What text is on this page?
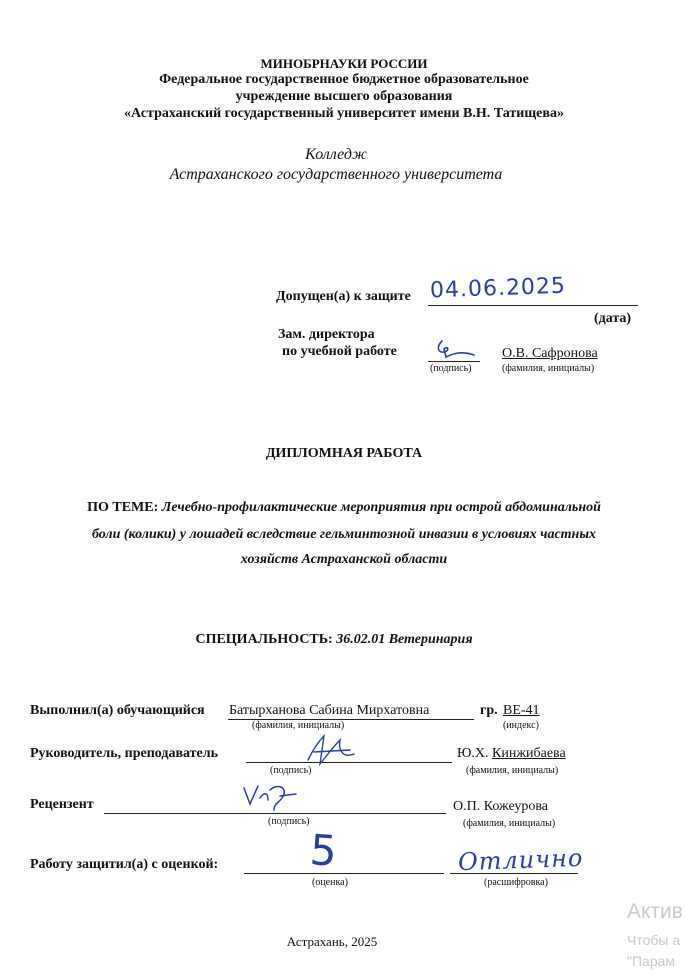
МИНОБРНАУКИ РОССИИ
Федеральное государственное бюджетное образовательное
учреждение высшего образования
«Астраханский государственный университет имени В.Н. Татищева»
Колледж
Астраханского государственного университета
Допущен(а) к защите 04.06.2025
(дата)
Зам. директора
по учебной работе
(подпись)
О.В. Сафронова
(фамилия, инициалы)
ДИПЛОМНАЯ РАБОТА
ПО ТЕМЕ: Лечебно-профилактические мероприятия при острой абдоминальной
боли (колики) у лошадей вследствие гельминтозной инвазии в условиях частных
хозяйств Астраханской области
СПЕЦИАЛЬНОСТЬ: 36.02.01 Ветеринария
Выполнил(а) обучающийся Батырханова Сабина Мирхатовна
(фамилия, инициалы)
гр. ВЕ-41
(индекс)
Руководитель, преподаватель
(подпись)
Ю.Х. Кинжибаева
(фамилия, инициалы)
Рецензент
(подпись)
О.П. Кожеурова
(фамилия, инициалы)
Работу защитил(а) с оценкой: 5
(оценка)
Отлично
(расшифровка)
Астрахань, 2025
Актив
Чтобы а
"Парам
